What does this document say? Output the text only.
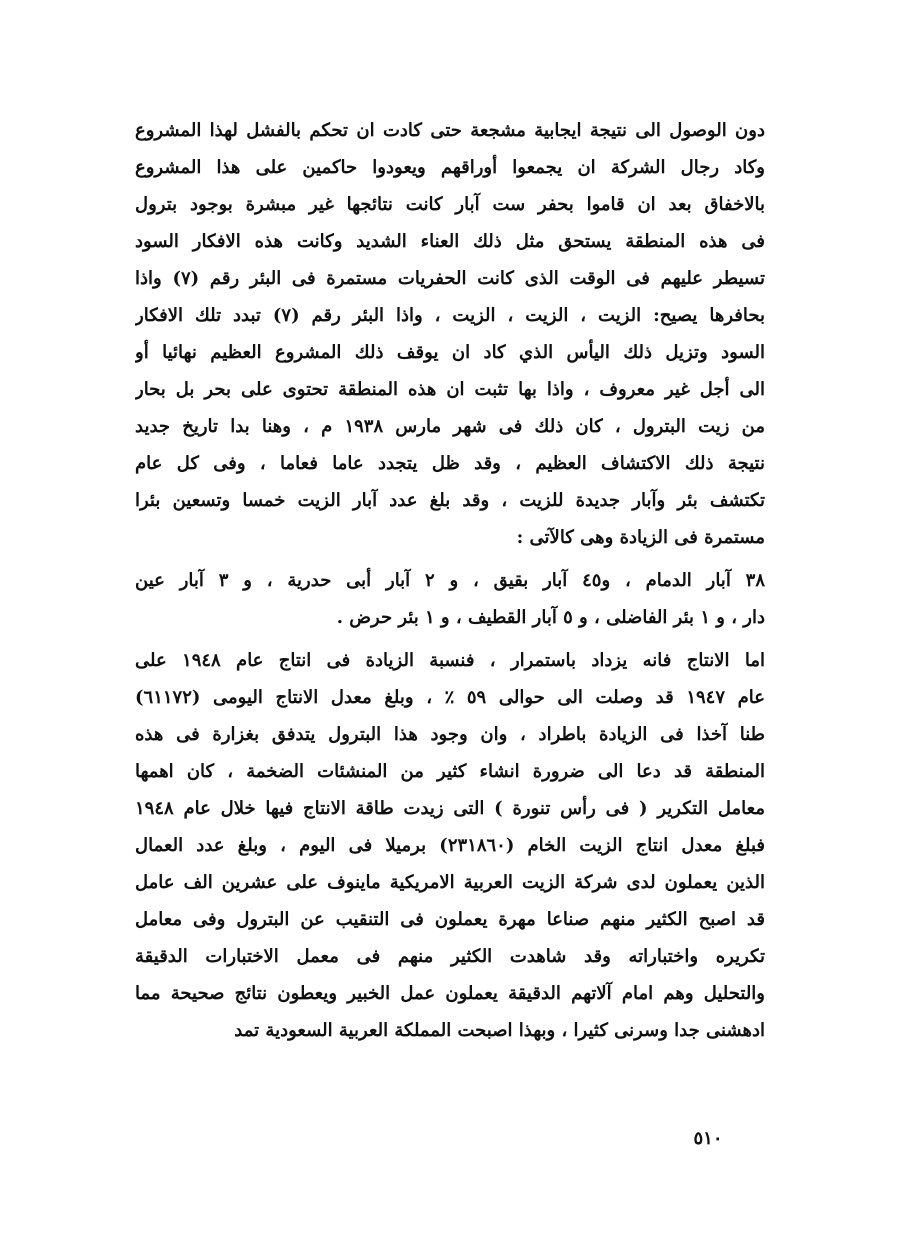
دون الوصول الى نتيجة ايجابية مشجعة حتى كادت ان تحكم بالفشل لهذا المشروع
وكاد رجال الشركة ان يجمعوا أوراقهم ويعودوا حاكمين على هذا المشروع
بالاخفاق بعد ان قاموا بحفر ست آبار كانت نتائجها غير مبشرة بوجود بترول
فى هذه المنطقة يستحق مثل ذلك العناء الشديد وكانت هذه الافكار السود
تسيطر عليهم فى الوقت الذى كانت الحفريات مستمرة فى البئر رقم (٧) واذا
بحافرها يصيح: الزيت ، الزيت ، الزيت ، واذا البئر رقم (٧) تبدد تلك الافكار
السود وتزيل ذلك اليأس الذي كاد ان يوقف ذلك المشروع العظيم نهائيا أو
الى أجل غير معروف ، واذا بها تثبت ان هذه المنطقة تحتوى على بحر بل بحار
من زيت البترول ، كان ذلك فى شهر مارس ١٩٣٨ م ، وهنا بدا تاريخ جديد
نتيجة ذلك الاكتشاف العظيم ، وقد ظل يتجدد عاما فعاما ، وفى كل عام
تكتشف بئر وآبار جديدة للزيت ، وقد بلغ عدد آبار الزيت خمسا وتسعين بئرا
مستمرة فى الزيادة وهى كالآتى :
٣٨ آبار الدمام ، و٤٥ آبار بقيق ، و ٢ آبار أبى حدرية ، و ٣ آبار عين
دار ، و ١ بئر الفاضلى ، و ٥ آبار القطيف ، و ١ بئر حرض .
اما الانتاج فانه يزداد باستمرار ، فنسبة الزيادة فى انتاج عام ١٩٤٨ على
عام ١٩٤٧ قد وصلت الى حوالى ٥٩ ٪ ، وبلغ معدل الانتاج اليومى (٦١١٧٢)
طنا آخذا فى الزيادة باطراد ، وان وجود هذا البترول يتدفق بغزارة فى هذه
المنطقة قد دعا الى ضرورة انشاء كثير من المنشئات الضخمة ، كان اهمها
معامل التكرير ( فى رأس تنورة ) التى زيدت طاقة الانتاج فيها خلال عام ١٩٤٨
فبلغ معدل انتاج الزيت الخام (٢٣١٨٦٠) برميلا فى اليوم ، وبلغ عدد العمال
الذين يعملون لدى شركة الزيت العربية الامريكية ماينوف على عشرين الف عامل
قد اصبح الكثير منهم صناعا مهرة يعملون فى التنقيب عن البترول وفى معامل
تكريره واختباراته وقد شاهدت الكثير منهم فى معمل الاختبارات الدقيقة
والتحليل وهم امام آلاتهم الدقيقة يعملون عمل الخبير ويعطون نتائج صحيحة مما
ادهشنى جدا وسرنى كثيرا ، وبهذا اصبحت المملكة العربية السعودية تمد
٥١٠
